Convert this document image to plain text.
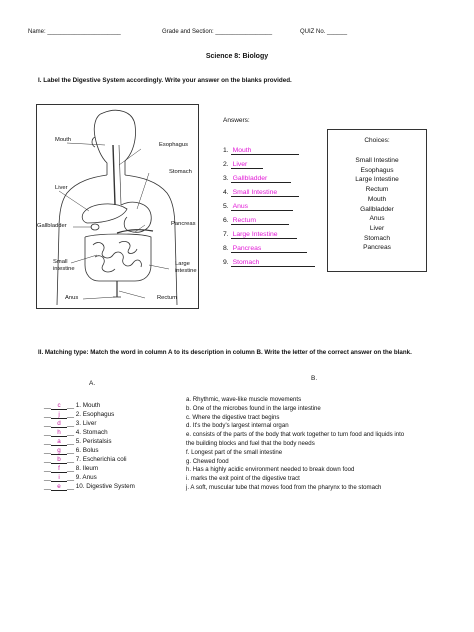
Name: ______________________	Grade and Section: _________________	QUIZ No. ______
Science 8: Biology
I. Label the Digestive System accordingly. Write your answer on the blanks provided.
Mouth
Esophagus
Stomach
Liver
Gallbladder	Pancreas
Small
intestine
Large
intestine
Anus	Rectum
Answers:
1. Mouth
2. Liver
3. Gallbladder
4. Small Intestine
5. Anus
6. Rectum
7. Large Intestine
8. Pancreas
9. Stomach
Choices:
Small Intestine
Esophagus
Large Intestine
Rectum
Mouth
Gallbladder
Anus
Liver
Stomach
Pancreas
II. Matching type: Match the word in column A to its description in column B. Write the letter of the correct answer on the blank.
A.
B.
__ c __ 1. Mouth
__ j __ 2. Esophagus
__ d __ 3. Liver
__ h __ 4. Stomach
__ a __ 5. Peristalsis
__ g __ 6. Bolus
__ b __ 7. Escherichia coli
__ f __ 8. Ileum
__ i __ 9. Anus
__ e __ 10. Digestive System
a. Rhythmic, wave-like muscle movements
b. One of the microbes found in the large intestine
c. Where the digestive tract begins
d. It's the body's largest internal organ
e. consists of the parts of the body that work together to turn food and liquids into
the building blocks and fuel that the body needs
f. Longest part of the small intestine
g. Chewed food
h. Has a highly acidic environment needed to break down food
i. marks the exit point of the digestive tract
j. A soft, muscular tube that moves food from the pharynx to the stomach
